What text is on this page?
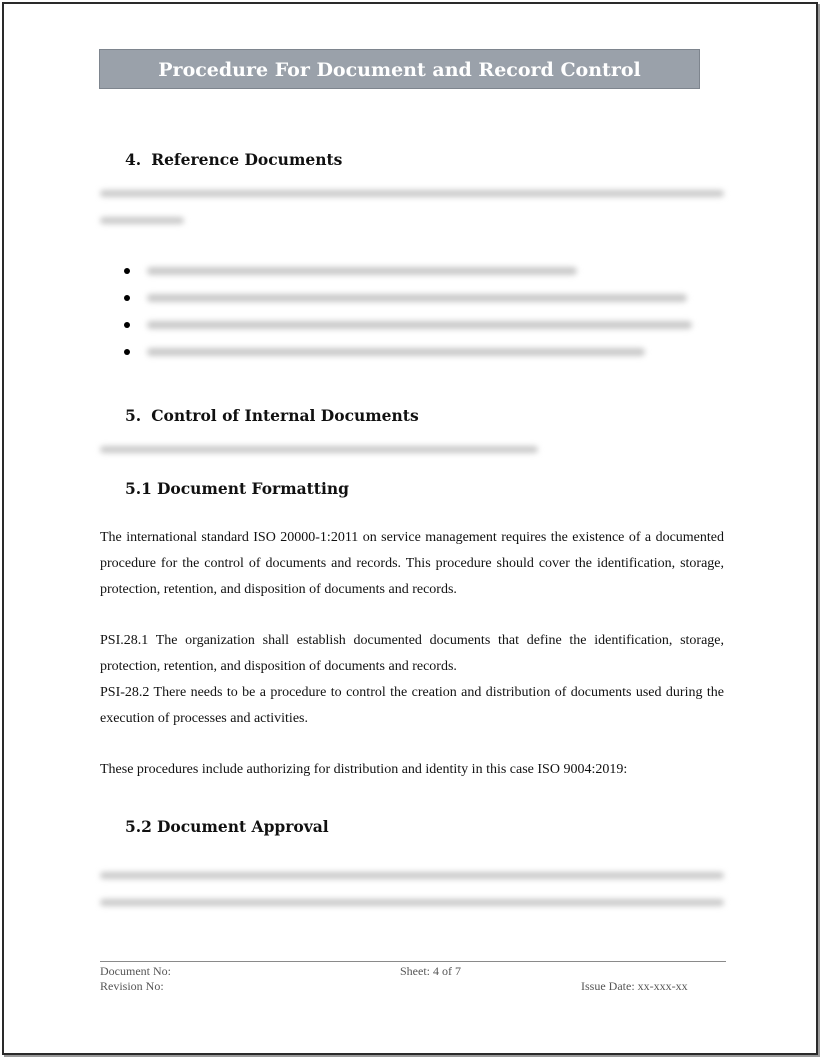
Procedure For Document and Record Control
4. Reference Documents
5. Control of Internal Documents
5.1 Document Formatting

The international standard ISO 20000-1:2011 on service management requires the existence of a documented procedure for the control of documents and records. This procedure should cover the identification, storage, protection, retention, and disposition of documents and records.

PSI.28.1 The organization shall establish documented documents that define the identification, storage, protection, retention, and disposition of documents and records.

PSI-28.2 There needs to be a procedure to control the creation and distribution of documents used during the execution of processes and activities.

These procedures include authorizing for distribution and identity in this case ISO 9004:2019:

5.2 Document Approval
Document No:
Revision No:
Sheet: 4 of 7
Issue Date: xx-xxx-xx
